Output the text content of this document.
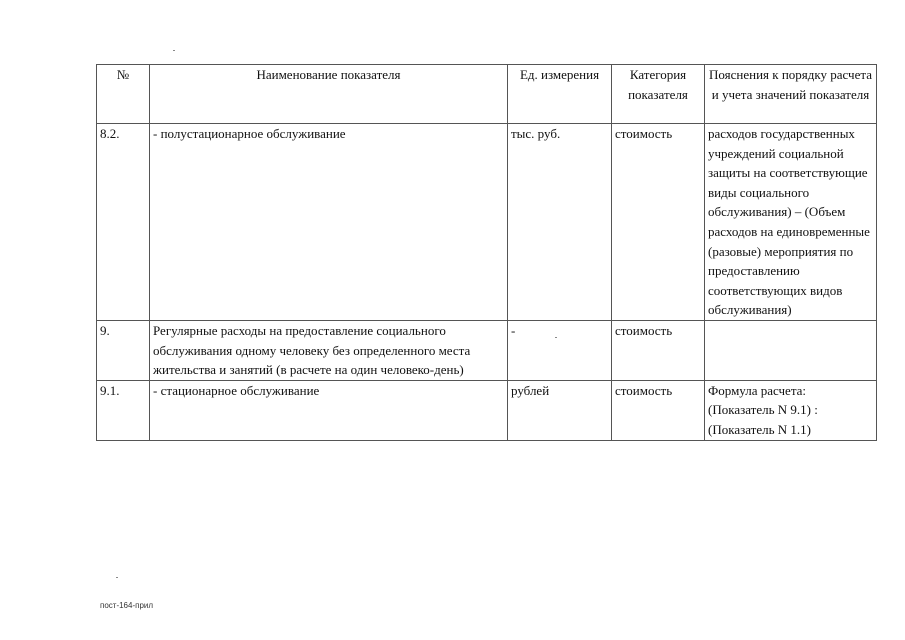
№	Наименование показателя	Ед. измерения	Категория показателя	Пояснения к порядку расчета и учета значений показателя
8.2.	- полустационарное обслуживание	тыс. руб.	стоимость	расходов государственных учреждений социальной защиты на соответствующие виды социального обслуживания) – (Объем расходов на единовременные (разовые) мероприятия по предоставлению соответствующих видов обслуживания)
9.	Регулярные расходы на предоставление социального обслуживания одному человеку без определенного места жительства и занятий (в расчете на один человеко-день)	-	стоимость	
9.1.	- стационарное обслуживание	рублей	стоимость	Формула расчета: (Показатель N 9.1) : (Показатель N 1.1)
пост-164-прил
